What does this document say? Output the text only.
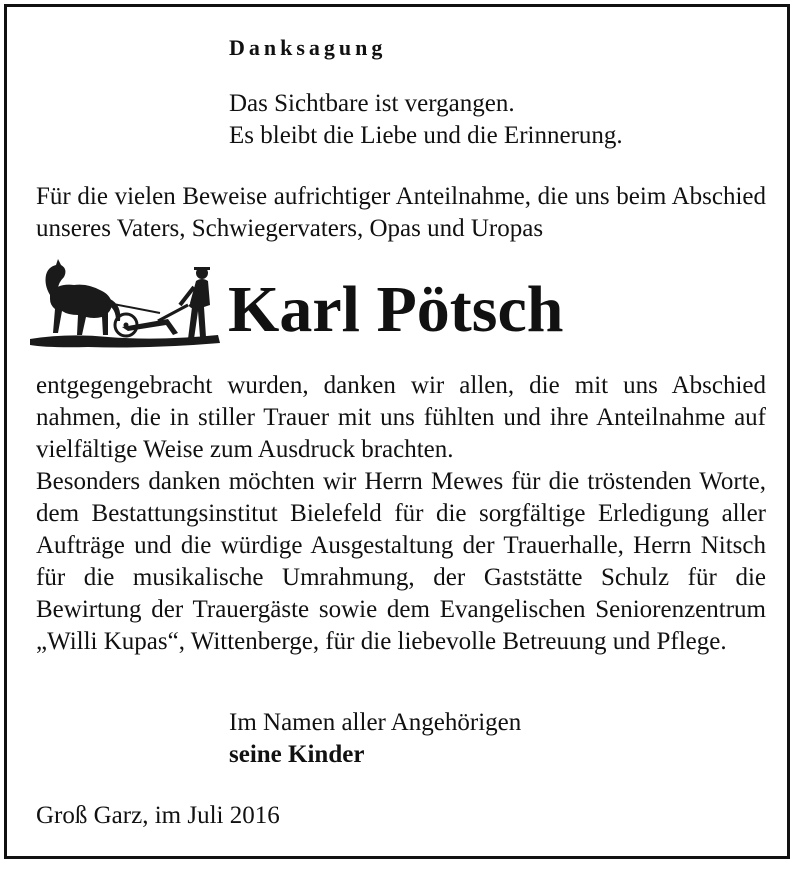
Danksagung
Das Sichtbare ist vergangen.
Es bleibt die Liebe und die Erinnerung.
Für die vielen Beweise aufrichtiger Anteilnahme, die uns beim Abschied unseres Vaters, Schwiegervaters, Opas und Uropas
Karl Pötsch

entgegengebracht wurden, danken wir allen, die mit uns Abschied nahmen, die in stiller Trauer mit uns fühlten und ihre Anteilnahme auf vielfältige Weise zum Ausdruck brachten.

Besonders danken möchten wir Herrn Mewes für die tröstenden Worte, dem Bestattungsinstitut Bielefeld für die sorgfältige Erledigung aller Aufträge und die würdige Ausgestaltung der Trauerhalle, Herrn Nitsch für die musikalische Umrahmung, der Gaststätte Schulz für die Bewirtung der Trauergäste sowie dem Evangelischen Seniorenzentrum „Willi Kupas“, Wittenberge, für die liebevolle Betreuung und Pflege.

Im Namen aller Angehörigen
seine Kinder
Groß Garz, im Juli 2016
